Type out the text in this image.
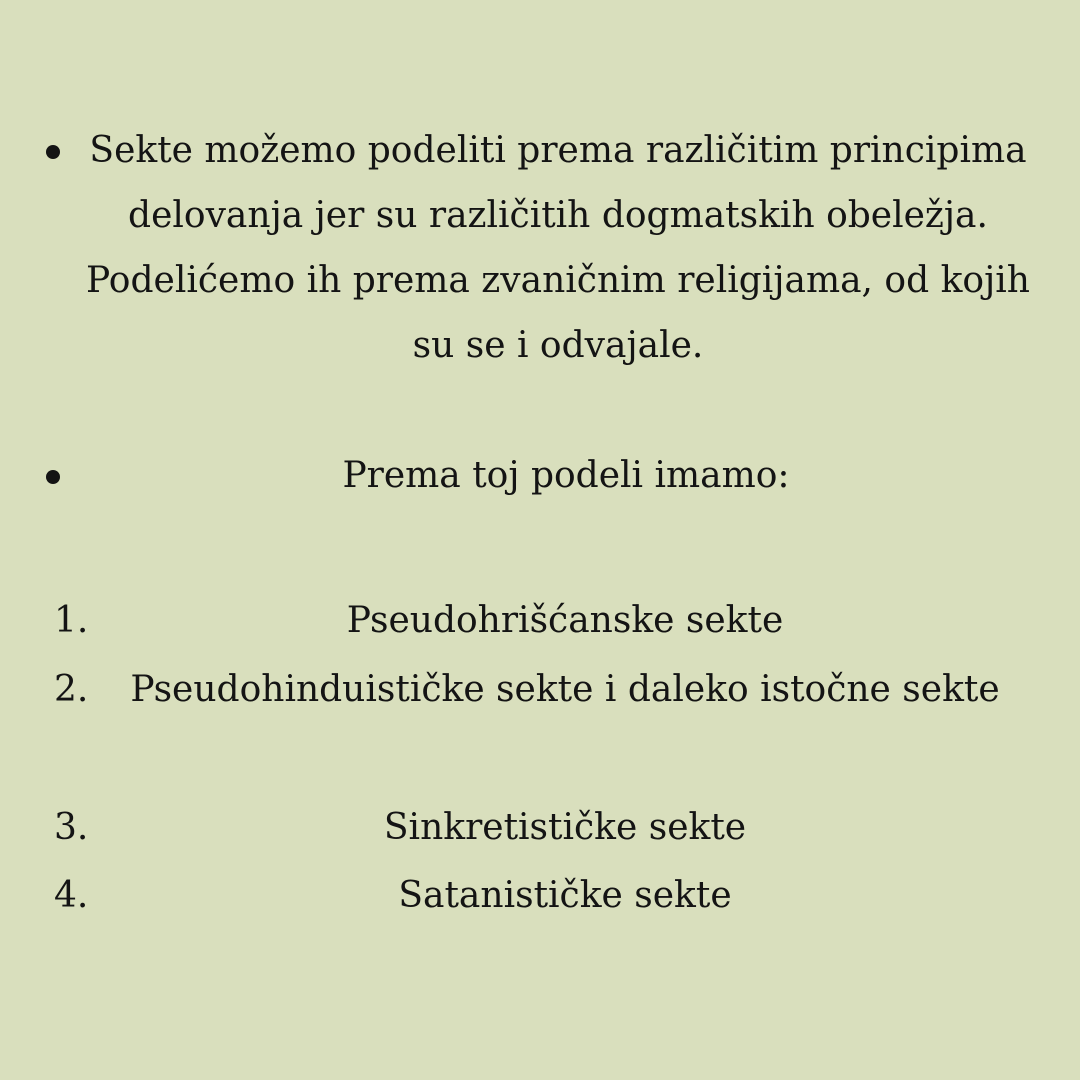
Sekte možemo podeliti prema različitim principima delovanja jer su različitih dogmatskih obeležja. Podelićemo ih prema zvaničnim religijama, od kojih su se i odvajale.
Prema toj podeli imamo:
1.	Pseudohrišćanske sekte
2. Pseudohinduističke sekte i daleko istočne sekte
3.	Sinkretističke sekte
4.	Satanističke sekte
